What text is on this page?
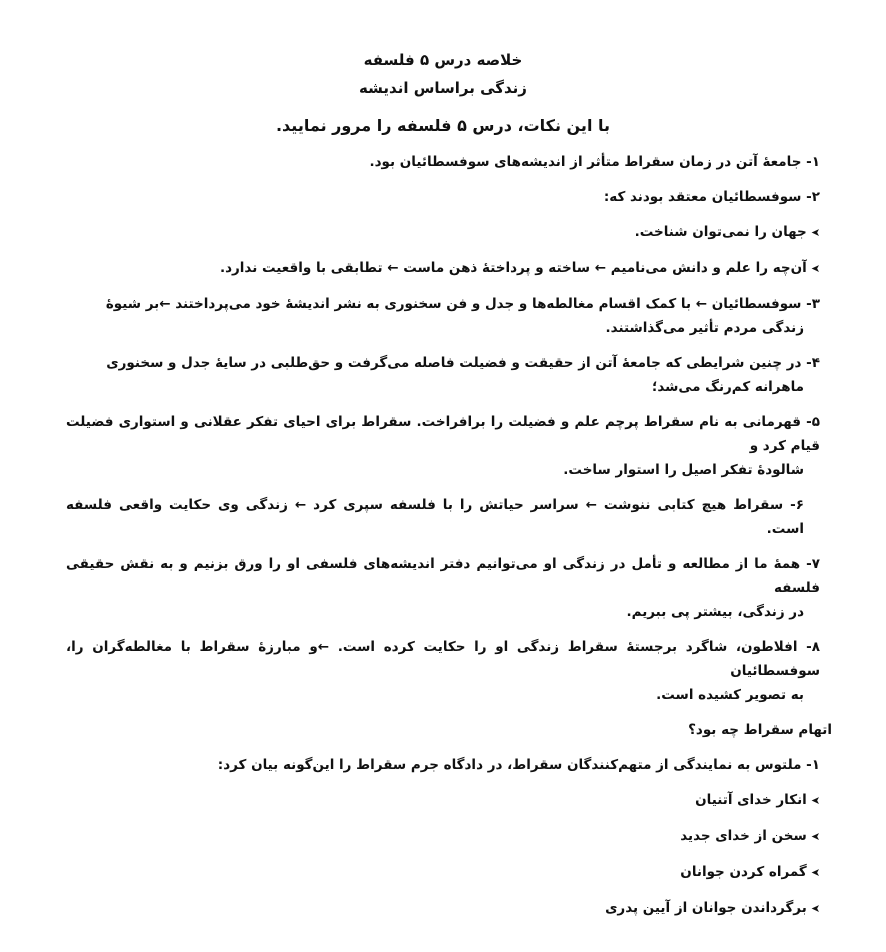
خلاصه درس ۵ فلسفه
زندگی براساس اندیشه
با این نکات، درس ۵ فلسفه را مرور نمایید.
۱- جامعهٔ آتن در زمان سقراط متأثر از اندیشه‌های سوفسطائیان بود.
۲- سوفسطائیان معتقد بودند که:
➤جهان را نمی‌توان شناخت.
➤آن‌چه را علم و دانش می‌نامیم ← ساخته و پرداختهٔ ذهن ماست ← تطابقی با واقعیت ندارد.
۳- سوفسطائیان ← با کمک اقسام مغالطه‌ها و جدل و فن سخنوری به نشر اندیشهٔ خود می‌پرداختند ←بر شیوهٔ
زندگی مردم تأثیر می‌گذاشتند.
۴- در چنین شرایطی که جامعهٔ آتن از حقیقت و فضیلت فاصله می‌گرفت و حق‌طلبی در سایهٔ جدل و سخنوری
ماهرانه کم‌رنگ می‌شد؛
۵- قهرمانی به نام سقراط پرچم علم و فضیلت را برافراخت. سقراط برای احیای تفکر عقلانی و استواری فضیلت قیام کرد و
شالودهٔ تفکر اصیل را استوار ساخت.
۶- سقراط هیچ کتابی ننوشت ← سراسر حیاتش را با فلسفه سپری کرد ← زندگی وی حکایت واقعی فلسفه است.
۷- همهٔ ما از مطالعه و تأمل در زندگی او می‌توانیم دفتر اندیشه‌های فلسفی او را ورق بزنیم و به نقش حقیقی فلسفه
در زندگی، بیشتر پی ببریم.
۸- افلاطون، شاگرد برجستهٔ سقراط زندگی او را حکایت کرده است. ←و مبارزهٔ سقراط با مغالطه‌گران را، سوفسطائیان
به تصویر کشیده است.
اتهام سقراط چه بود؟
۱- ملتوس به نمایندگی از متهم‌کنندگان سقراط، در دادگاه جرم سقراط را این‌گونه بیان کرد:
➤انکار خدای آتنیان
➤سخن از خدای جدید
➤گمراه کردن جوانان
➤برگرداندن جوانان از آیین پدری
